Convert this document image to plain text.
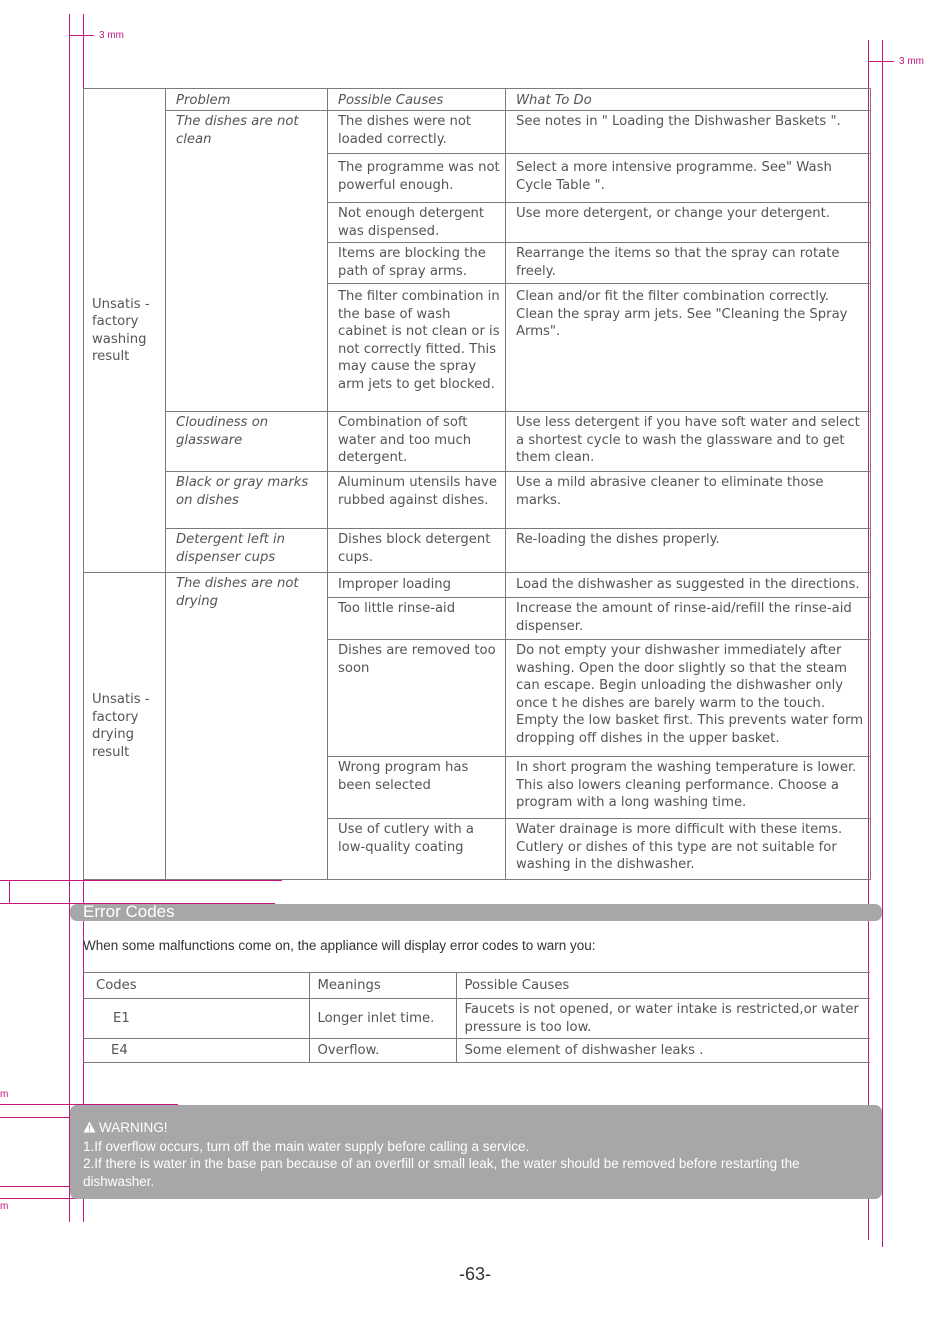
3 mm
3 mm
m
m
Unsatis -factory washing result	Problem	Possible Causes	What To Do
	The dishes are not clean	The dishes were not loaded correctly.	See notes in " Loading the Dishwasher Baskets ".
		The programme was not powerful enough.	Select a more intensive programme. See" Wash Cycle Table ".
		Not enough detergent was dispensed.	Use more detergent, or change your detergent.
		Items are blocking the path of spray arms.	Rearrange the items so that the spray can rotate freely.
		The filter combination in the base of wash cabinet is not clean or is not correctly fitted. This may cause the spray arm jets to get blocked.	Clean and/or fit the filter combination correctly. Clean the spray arm jets. See "Cleaning the Spray Arms".
	Cloudiness on glassware	Combination of soft water and too much detergent.	Use less detergent if you have soft water and select a shortest cycle to wash the glassware and to get them clean.
	Black or gray marks on dishes	Aluminum utensils have rubbed against dishes.	Use a mild abrasive cleaner to eliminate those marks.
	Detergent left in dispenser cups	Dishes block detergent cups.	Re-loading the dishes properly.
Unsatis -factory drying result	The dishes are not drying	Improper loading	Load the dishwasher as suggested in the directions.
		Too little rinse-aid	Increase the amount of rinse-aid/refill the rinse-aid dispenser.
		Dishes are removed too soon	Do not empty your dishwasher immediately after washing. Open the door slightly so that the steam can escape. Begin unloading the dishwasher only once t he dishes are barely warm to the touch. Empty the low basket first. This prevents water form dropping off dishes in the upper basket.
		Wrong program has been selected	In short program the washing temperature is lower. This also lowers cleaning performance. Choose a program with a long washing time.
		Use of cutlery with a low-quality coating	Water drainage is more difficult with these items. Cutlery or dishes of this type are not suitable for washing in the dishwasher.
Error Codes
When some malfunctions come on, the appliance will display error codes to warn you:
Codes	Meanings	Possible Causes
E1	Longer inlet time.	Faucets is not opened, or water intake is restricted,or water pressure is too low.
E4	Overflow.	Some element of dishwasher leaks .
WARNING!
1.If overflow occurs, turn off the main water supply before calling a service.
2.If there is water in the base pan because of an overfill or small leak, the water should be removed before restarting the dishwasher.
-63-
